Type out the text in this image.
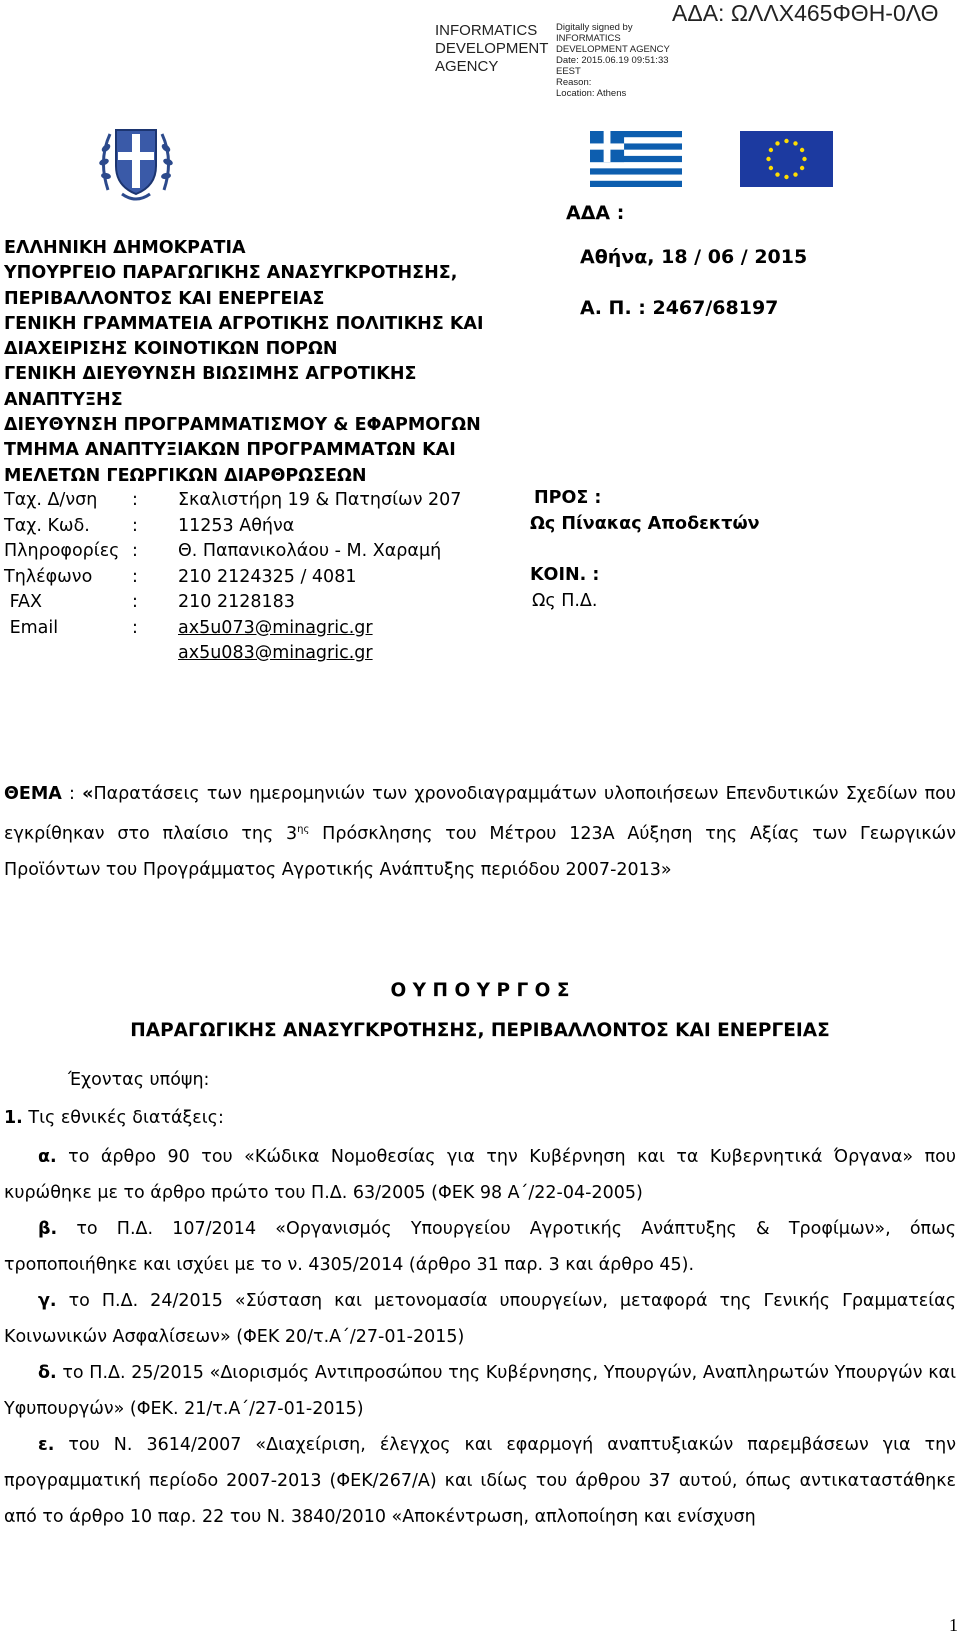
INFORMATICS DEVELOPMENT AGENCY
Digitally signed by
INFORMATICS
DEVELOPMENT AGENCY
Date: 2015.06.19 09:51:33
EEST
Reason:
Location: Athens
ΑΔΑ: ΩΛΛΧ465ΦΘΗ-0ΛΘ
ΑΔΑ :
Αθήνα, 18 / 06 / 2015
Α. Π. : 2467/68197
ΕΛΛΗΝΙΚΗ ΔΗΜΟΚΡΑΤΙΑ
ΥΠΟΥΡΓΕΙΟ ΠΑΡΑΓΩΓΙΚΗΣ ΑΝΑΣΥΓΚΡΟΤΗΣΗΣ,
ΠΕΡΙΒΑΛΛΟΝΤΟΣ ΚΑΙ ΕΝΕΡΓΕΙΑΣ
ΓΕΝΙΚΗ ΓΡΑΜΜΑΤΕΙΑ ΑΓΡΟΤΙΚΗΣ ΠΟΛΙΤΙΚΗΣ ΚΑΙ
ΔΙΑΧΕΙΡΙΣΗΣ ΚΟΙΝΟΤΙΚΩΝ ΠΟΡΩΝ
ΓΕΝΙΚΗ ΔΙΕΥΘΥΝΣΗ ΒΙΩΣΙΜΗΣ ΑΓΡΟΤΙΚΗΣ
ΑΝΑΠΤΥΞΗΣ
ΔΙΕΥΘΥΝΣΗ ΠΡΟΓΡΑΜΜΑΤΙΣΜΟΥ & ΕΦΑΡΜΟΓΩΝ
ΤΜΗΜΑ ΑΝΑΠΤΥΞΙΑΚΩΝ ΠΡΟΓΡΑΜΜΑΤΩΝ ΚΑΙ
ΜΕΛΕΤΩΝ ΓΕΩΡΓΙΚΩΝ ΔΙΑΡΘΡΩΣΕΩΝ
Ταχ. Δ/νση : Σκαλιστήρη 19 & Πατησίων 207
Ταχ. Κωδ. : 11253 Αθήνα
Πληροφορίες : Θ. Παπανικολάου - Μ. Χαραμή
Τηλέφωνο : 210 2124325 / 4081
FAX	: 210 2128183
Email	: ax5u073@minagric.gr
ax5u083@minagric.gr
ΠΡΟΣ :
Ως Πίνακας Αποδεκτών
ΚΟΙΝ. :
Ως Π.Δ.
ΘΕΜΑ : «Παρατάσεις των ημερομηνιών των χρονοδιαγραμμάτων υλοποιήσεων Επενδυτικών Σχεδίων που εγκρίθηκαν στο πλαίσιο της $3^{\eta\varsigma}$ Πρόσκλησης του Μέτρου 123Α Αύξηση της Αξίας των Γεωργικών Προϊόντων του Προγράμματος Αγροτικής Ανάπτυξης περιόδου 2007-2013»
Ο Υ Π Ο Υ Ρ Γ Ο Σ
ΠΑΡΑΓΩΓΙΚΗΣ ΑΝΑΣΥΓΚΡΟΤΗΣΗΣ, ΠΕΡΙΒΑΛΛΟΝΤΟΣ ΚΑΙ ΕΝΕΡΓΕΙΑΣ
Έχοντας υπόψη:
1. Τις εθνικές διατάξεις:
α. το άρθρο 90 του «Κώδικα Νομοθεσίας για την Κυβέρνηση και τα Κυβερνητικά Όργανα» που κυρώθηκε με το άρθρο πρώτο του Π.Δ. 63/2005 (ΦΕΚ 98 Α΄/22-04-2005)
β. το Π.Δ. 107/2014 «Οργανισμός Υπουργείου Αγροτικής Ανάπτυξης & Τροφίμων», όπως τροποποιήθηκε και ισχύει με το ν. 4305/2014 (άρθρο 31 παρ. 3 και άρθρο 45).
γ. το Π.Δ. 24/2015 «Σύσταση και μετονομασία υπουργείων, μεταφορά της Γενικής Γραμματείας Κοινωνικών Ασφαλίσεων» (ΦΕΚ 20/τ.Α΄/27-01-2015)
δ. το Π.Δ. 25/2015 «Διορισμός Αντιπροσώπου της Κυβέρνησης, Υπουργών, Αναπληρωτών Υπουργών και Υφυπουργών» (ΦΕΚ. 21/τ.Α΄/27-01-2015)
ε. του Ν. 3614/2007 «Διαχείριση, έλεγχος και εφαρμογή αναπτυξιακών παρεμβάσεων για την προγραμματική περίοδο 2007-2013 (ΦΕΚ/267/Α) και ιδίως του άρθρου 37 αυτού, όπως αντικαταστάθηκε από το άρθρο 10 παρ. 22 του Ν. 3840/2010 «Αποκέντρωση, απλοποίηση και ενίσχυση
1
